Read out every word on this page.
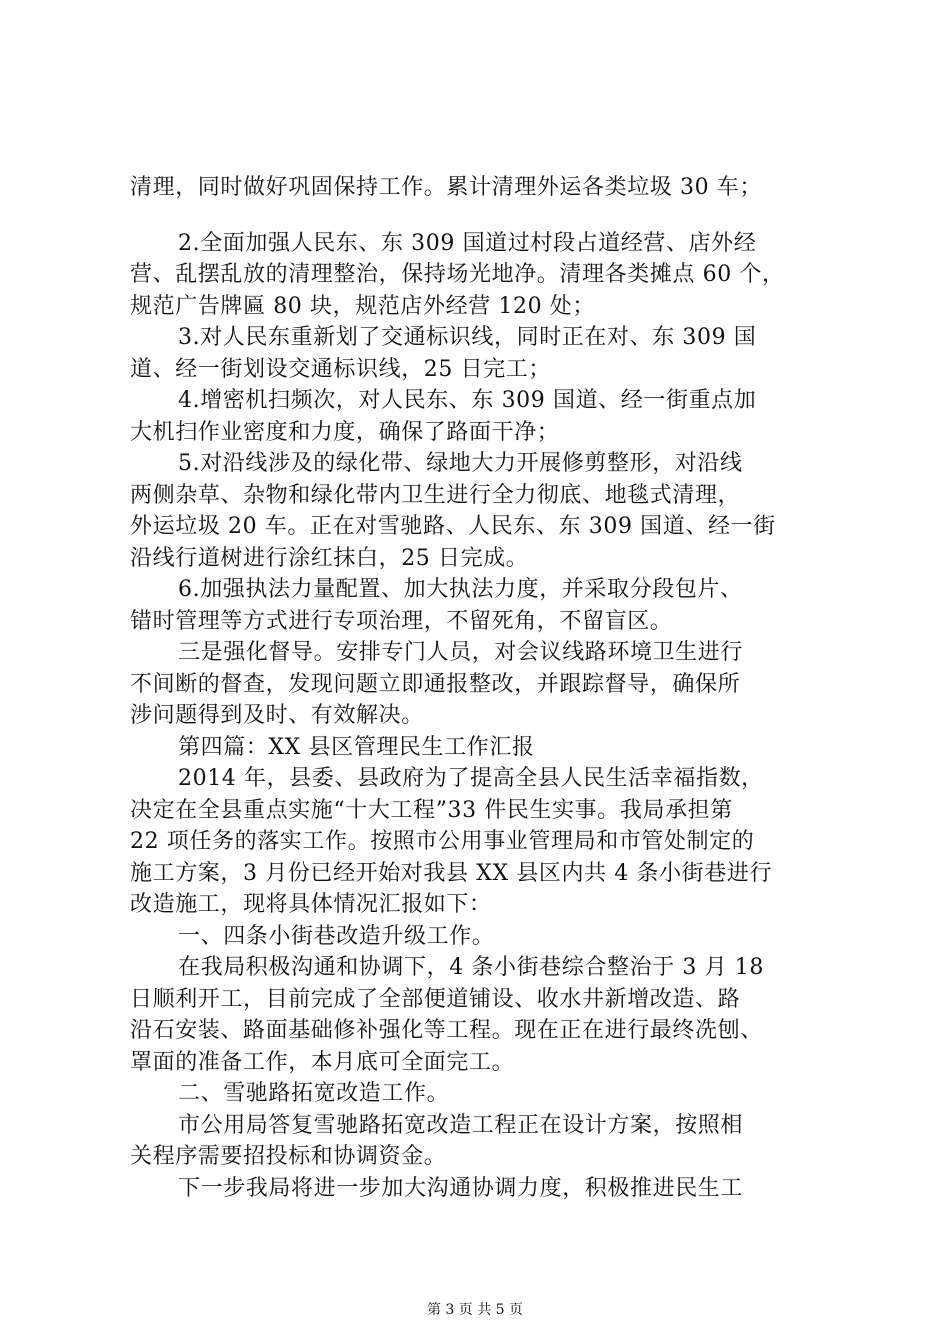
清理，同时做好巩固保持工作。累计清理外运各类垃圾 30 车；
2.全面加强人民东、东 309 国道过村段占道经营、店外经
营、乱摆乱放的清理整治，保持场光地净。清理各类摊点 60 个，
规范广告牌匾 80 块，规范店外经营 120 处；
3.对人民东重新划了交通标识线，同时正在对、东 309 国
道、经一街划设交通标识线，25 日完工；
4.增密机扫频次，对人民东、东 309 国道、经一街重点加
大机扫作业密度和力度，确保了路面干净；
5.对沿线涉及的绿化带、绿地大力开展修剪整形，对沿线
两侧杂草、杂物和绿化带内卫生进行全力彻底、地毯式清理，
外运垃圾 20 车。正在对雪驰路、人民东、东 309 国道、经一街
沿线行道树进行涂红抹白，25 日完成。
6.加强执法力量配置、加大执法力度，并采取分段包片、
错时管理等方式进行专项治理，不留死角，不留盲区。
三是强化督导。安排专门人员，对会议线路环境卫生进行
不间断的督查，发现问题立即通报整改，并跟踪督导，确保所
涉问题得到及时、有效解决。
第四篇：XX 县区管理民生工作汇报
2014 年，县委、县政府为了提高全县人民生活幸福指数，
决定在全县重点实施“十大工程”33 件民生实事。我局承担第
22 项任务的落实工作。按照市公用事业管理局和市管处制定的
施工方案，3 月份已经开始对我县 XX 县区内共 4 条小街巷进行
改造施工，现将具体情况汇报如下：
一、四条小街巷改造升级工作。
在我局积极沟通和协调下，4 条小街巷综合整治于 3 月 18
日顺利开工，目前完成了全部便道铺设、收水井新增改造、路
沿石安装、路面基础修补强化等工程。现在正在进行最终冼刨、
罩面的准备工作，本月底可全面完工。
二、雪驰路拓宽改造工作。
市公用局答复雪驰路拓宽改造工程正在设计方案，按照相
关程序需要招投标和协调资金。
下一步我局将进一步加大沟通协调力度，积极推进民生工
第 3 页 共 5 页
